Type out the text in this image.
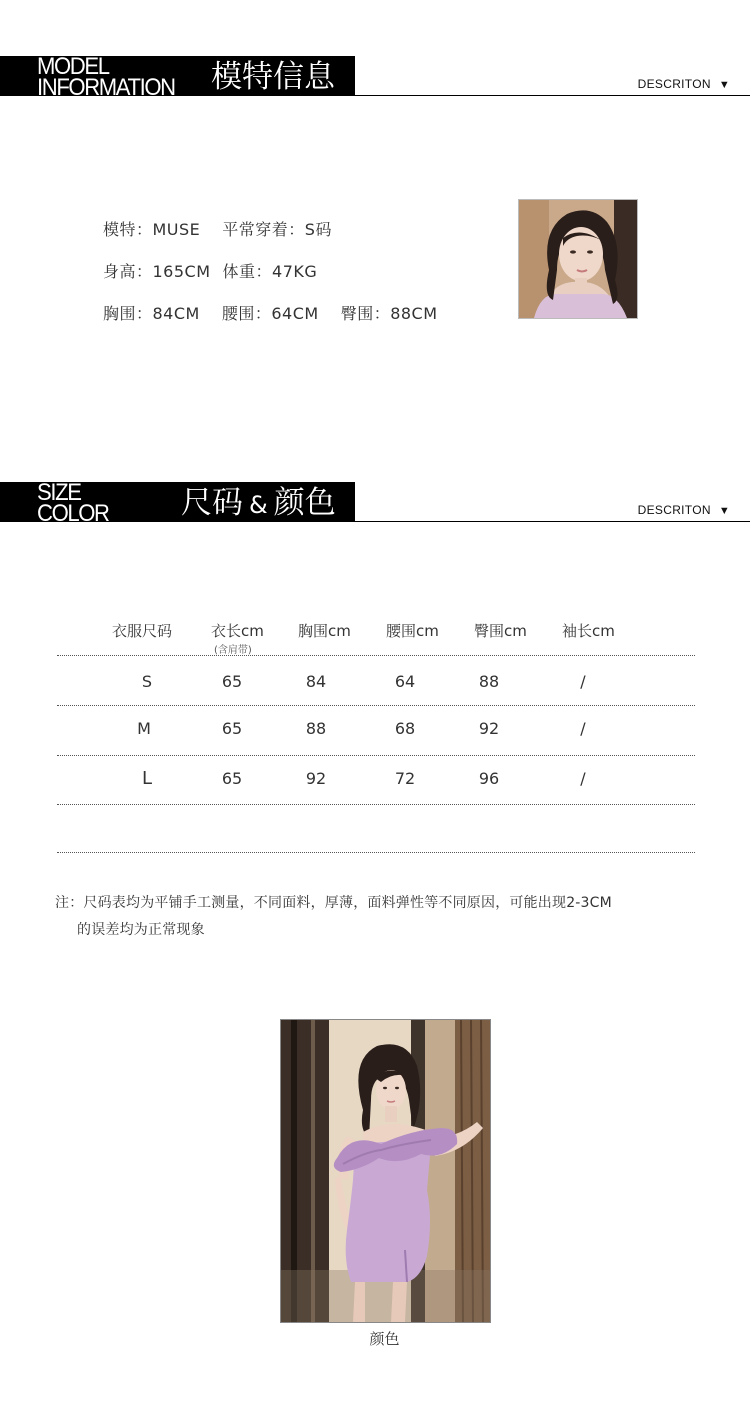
MODEL
INFORMATION 模特信息	DESCRITON ▼
模特：MUSE 平常穿着：S码
身高：165CM 体重：47KG
胸围：84CM 腰围：64CM 臀围：88CM
SIZE
COLOR 尺码 & 颜色	DESCRITON ▼
衣服尺码	衣长cm 胸围cm 腰围cm 臀围cm 袖长cm
(含肩带)
S	65	84	64	88	/
M	65	88	68	92	/
L	65	92	72	96	/
注：尺码表均为平铺手工测量，不同面料，厚薄，面料弹性等不同原因，可能出现2-3CM
的误差均为正常现象
颜色
